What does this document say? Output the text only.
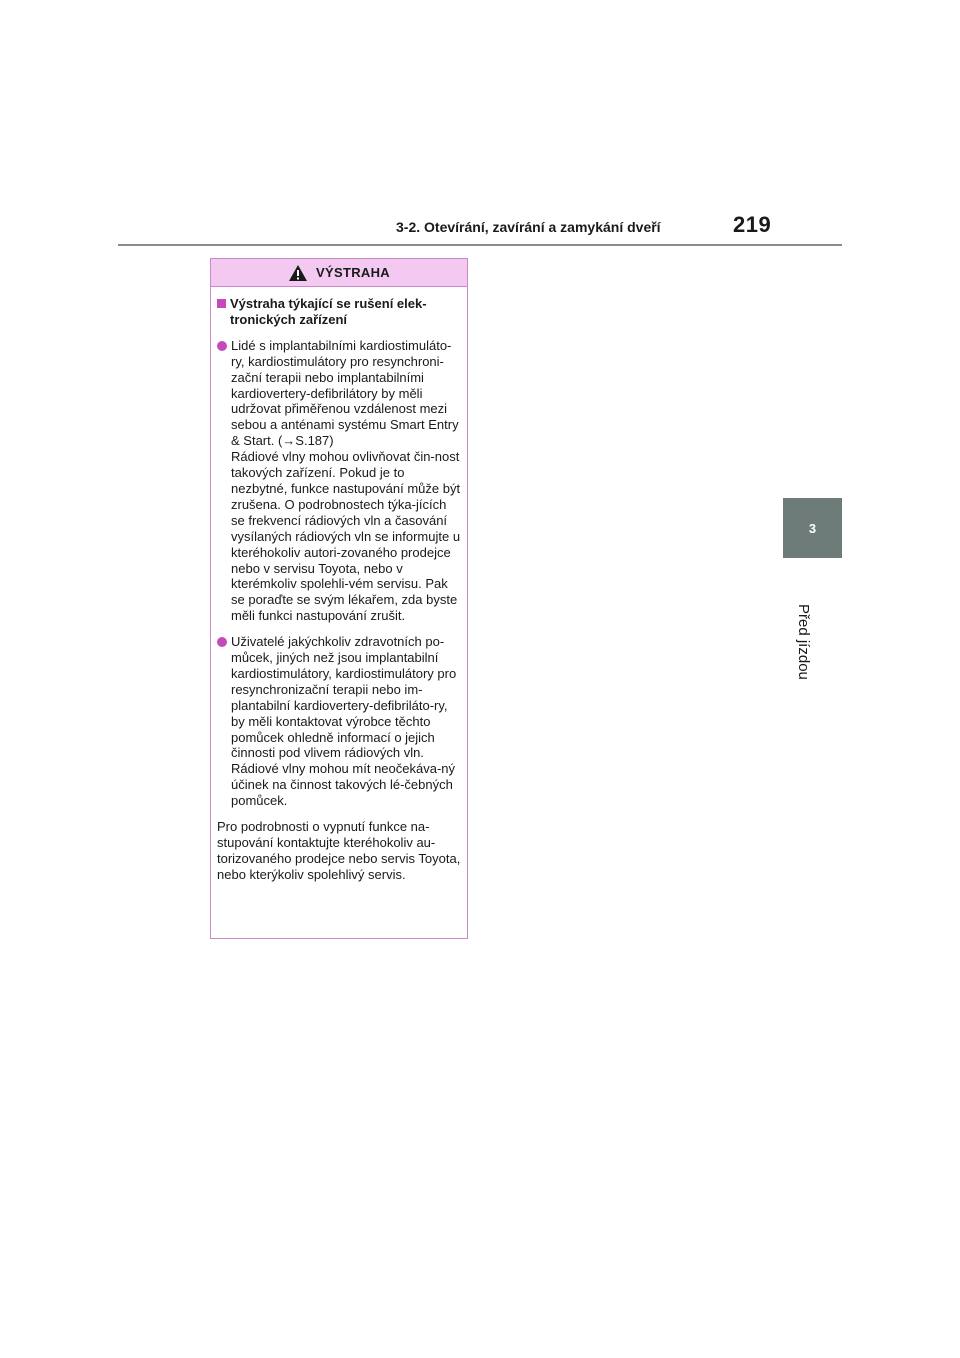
3-2. Otevírání, zavírání a zamykání dveří	219
3
Před jízdou
VÝSTRAHA
Výstraha týkající se rušení elek-tronických zařízení

Lidé s implantabilními kardiostimuláto-ry, kardiostimulátory pro resynchroni-zační terapii nebo implantabilními kardiovertery-defibrilátory by měli udržovat přiměřenou vzdálenost mezi sebou a anténami systému Smart Entry & Start. (→S.187)

Rádiové vlny mohou ovlivňovat čin-nost takových zařízení. Pokud je to nezbytné, funkce nastupování může být zrušena. O podrobnostech týka-jících se frekvencí rádiových vln a časování vysílaných rádiových vln se informujte u kteréhokoliv autori-zovaného prodejce nebo v servisu Toyota, nebo v kterémkoliv spolehli-vém servisu. Pak se poraďte se svým lékařem, zda byste měli funkci nastupování zrušit.

Uživatelé jakýchkoliv zdravotních po-můcek, jiných než jsou implantabilní kardiostimulátory, kardiostimulátory pro resynchronizační terapii nebo im-plantabilní kardiovertery-defibriláto-ry, by měli kontaktovat výrobce těchto pomůcek ohledně informací o jejich činnosti pod vlivem rádiových vln.

Rádiové vlny mohou mít neočekáva-ný účinek na činnost takových lé-čebných pomůcek.

Pro podrobnosti o vypnutí funkce na-stupování kontaktujte kteréhokoliv au-torizovaného prodejce nebo servis Toyota, nebo kterýkoliv spolehlivý servis.
